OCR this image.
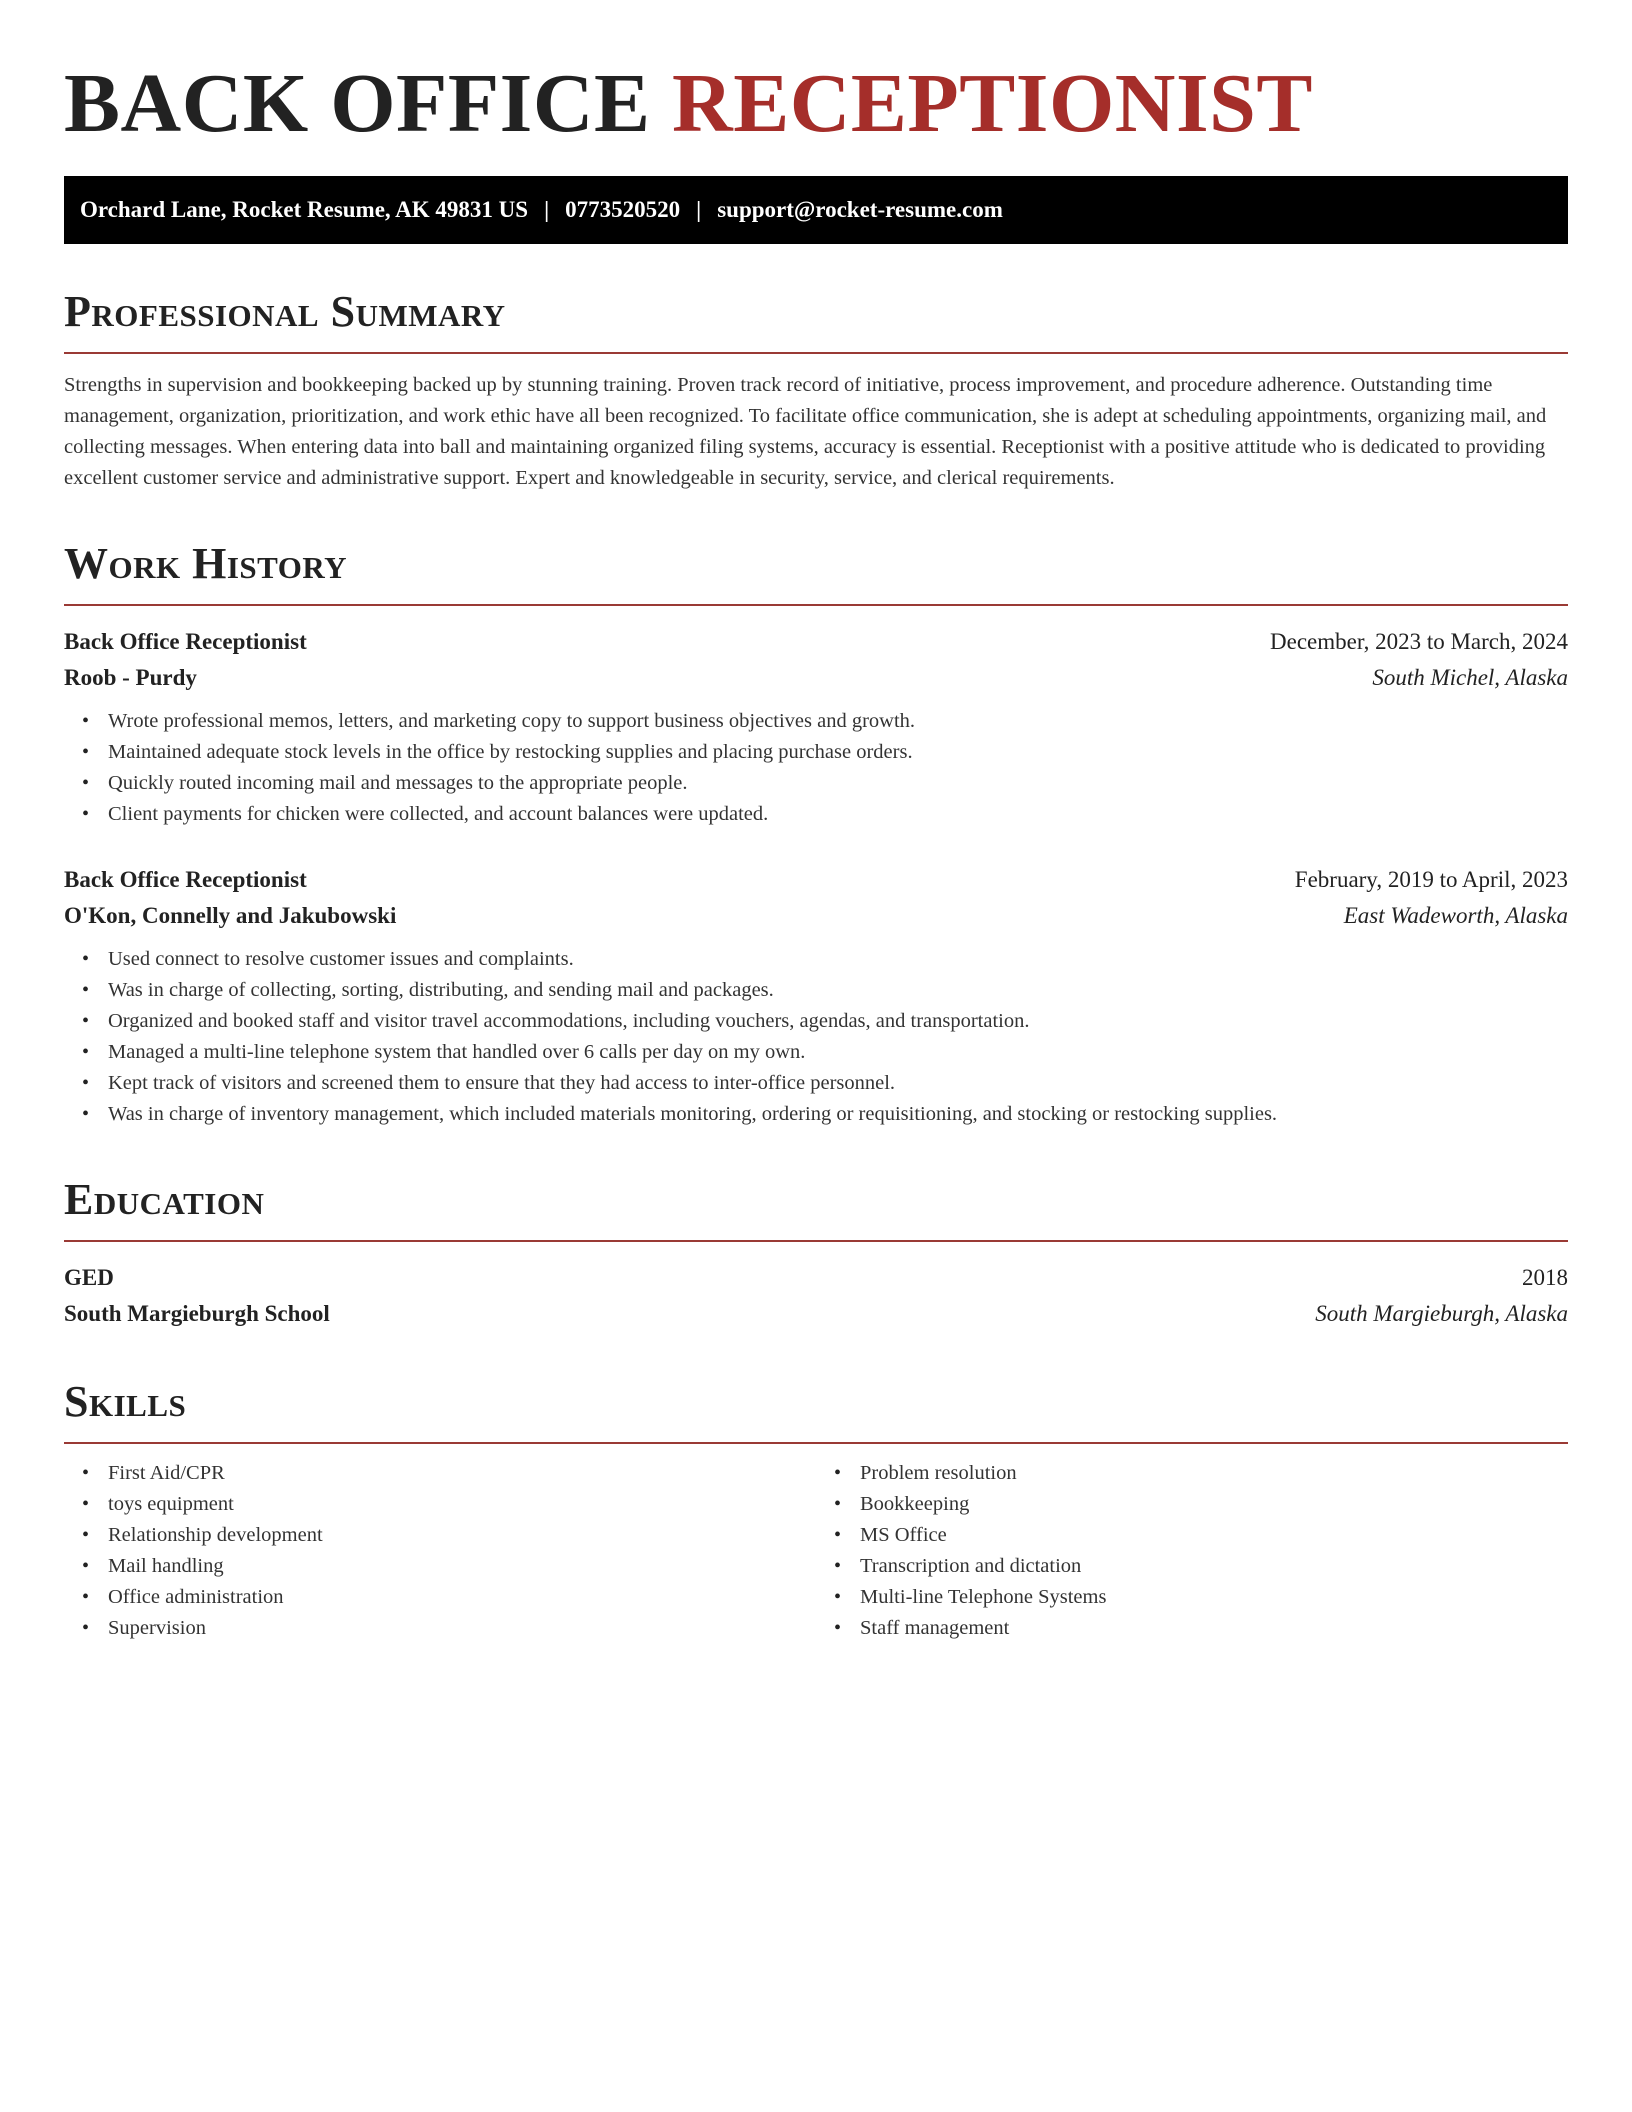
BACK OFFICE RECEPTIONIST
Orchard Lane, Rocket Resume, AK 49831 US | 0773520520 | support@rocket-resume.com
Professional Summary

Strengths in supervision and bookkeeping backed up by stunning training. Proven track record of initiative, process improvement, and procedure adherence. Outstanding time management, organization, prioritization, and work ethic have all been recognized. To facilitate office communication, she is adept at scheduling appointments, organizing mail, and collecting messages. When entering data into ball and maintaining organized filing systems, accuracy is essential. Receptionist with a positive attitude who is dedicated to providing excellent customer service and administrative support. Expert and knowledgeable in security, service, and clerical requirements.

Work History
Back Office Receptionist	December, 2023 to March, 2024
Roob - Purdy	South Michel, Alaska
• Wrote professional memos, letters, and marketing copy to support business objectives and growth.
• Maintained adequate stock levels in the office by restocking supplies and placing purchase orders.
• Quickly routed incoming mail and messages to the appropriate people.
• Client payments for chicken were collected, and account balances were updated.
Back Office Receptionist	February, 2019 to April, 2023
O'Kon, Connelly and Jakubowski	East Wadeworth, Alaska
• Used connect to resolve customer issues and complaints.
• Was in charge of collecting, sorting, distributing, and sending mail and packages.
• Organized and booked staff and visitor travel accommodations, including vouchers, agendas, and transportation.
• Managed a multi-line telephone system that handled over 6 calls per day on my own.
• Kept track of visitors and screened them to ensure that they had access to inter-office personnel.
• Was in charge of inventory management, which included materials monitoring, ordering or requisitioning, and stocking or restocking supplies.
Education
GED	2018
South Margieburgh School	South Margieburgh, Alaska
Skills
• First Aid/CPR
• toys equipment
• Relationship development
• Mail handling
• Office administration
• Supervision
• Problem resolution
• Bookkeeping
• MS Office
• Transcription and dictation
• Multi-line Telephone Systems
• Staff management
